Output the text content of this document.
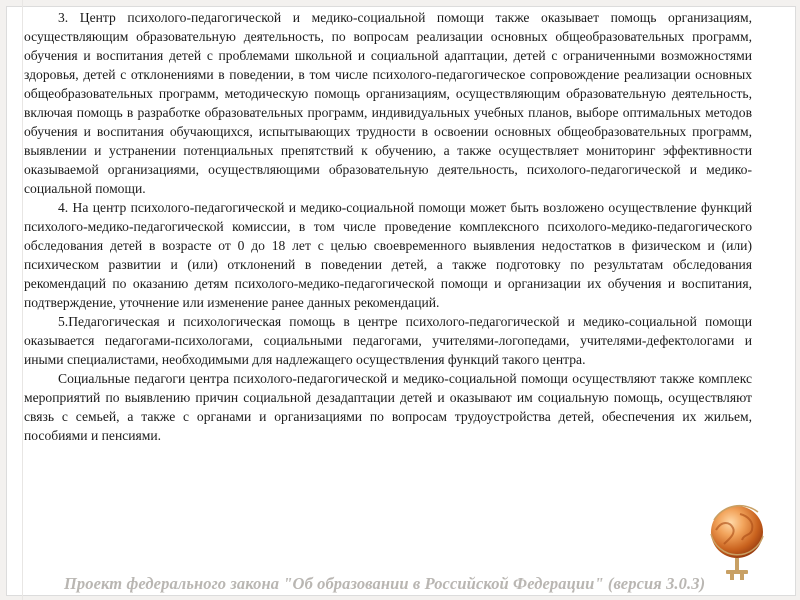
3. Центр психолого-педагогической и медико-социальной помощи также оказывает помощь организациям, осуществляющим образовательную деятельность, по вопросам реализации основных общеобразовательных программ, обучения и воспитания детей с проблемами школьной и социальной адаптации, детей с ограниченными возможностями здоровья, детей с отклонениями в поведении, в том числе психолого-педагогическое сопровождение реализации основных общеобразовательных программ, методическую помощь организациям, осуществляющим образовательную деятельность, включая помощь в разработке образовательных программ, индивидуальных учебных планов, выборе оптимальных методов обучения и воспитания обучающихся, испытывающих трудности в освоении основных общеобразовательных программ, выявлении и устранении потенциальных препятствий к обучению, а также осуществляет мониторинг эффективности оказываемой организациями, осуществляющими образовательную деятельность, психолого-педагогической и медико-социальной помощи.

4. На центр психолого-педагогической и медико-социальной помощи может быть возложено осуществление функций психолого-медико-педагогической комиссии, в том числе проведение комплексного психолого-медико-педагогического обследования детей в возрасте от 0 до 18 лет с целью своевременного выявления недостатков в физическом и (или) психическом развитии и (или) отклонений в поведении детей, а также подготовку по результатам обследования рекомендаций по оказанию детям психолого-медико-педагогической помощи и организации их обучения и воспитания, подтверждение, уточнение или изменение ранее данных рекомендаций.

5.Педагогическая и психологическая помощь в центре психолого-педагогической и медико-социальной помощи оказывается педагогами-психологами, социальными педагогами, учителями-логопедами, учителями-дефектологами и иными специалистами, необходимыми для надлежащего осуществления функций такого центра.

Социальные педагоги центра психолого-педагогической и медико-социальной помощи осуществляют также комплекс мероприятий по выявлению причин социальной дезадаптации детей и оказывают им социальную помощь, осуществляют связь с семьей, а также с органами и организациями по вопросам трудоустройства детей, обеспечения их жильем, пособиями и пенсиями.

Проект федерального закона "Об образовании в Российской Федерации" (версия 3.0.3)
